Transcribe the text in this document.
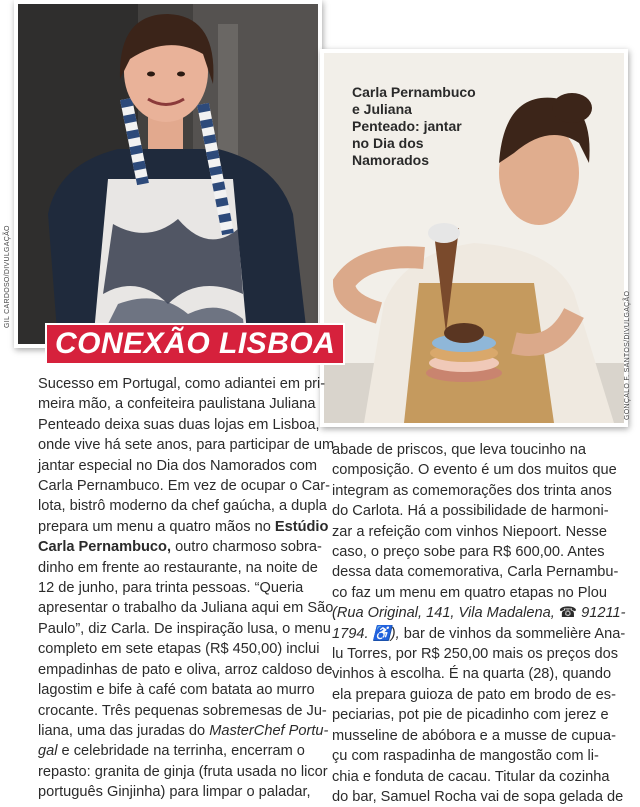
GIL CARDOSO/DIVULGAÇÃO
Carla Pernambuco e Juliana Penteado: jantar no Dia dos Namorados
GONÇALO F. SANTOS/DIVULGAÇÃO
CONEXÃO LISBOA
Sucesso em Portugal, como adiantei em pri-
meira mão, a confeiteira paulistana Juliana
Penteado deixa suas duas lojas em Lisboa,
onde vive há sete anos, para participar de um
jantar especial no Dia dos Namorados com
Carla Pernambuco. Em vez de ocupar o Car-
lota, bistrô moderno da chef gaúcha, a dupla
prepara um menu a quatro mãos no Estúdio
Carla Pernambuco, outro charmoso sobra-
dinho em frente ao restaurante, na noite de
12 de junho, para trinta pessoas. “Queria
apresentar o trabalho da Juliana aqui em São
Paulo”, diz Carla. De inspiração lusa, o menu
completo em sete etapas (R$ 450,00) inclui
empadinhas de pato e oliva, arroz caldoso de
lagostim e bife à café com batata ao murro
crocante. Três pequenas sobremesas de Ju-
liana, uma das juradas do MasterChef Portu-
gal e celebridade na terrinha, encerram o
repasto: granita de ginja (fruta usada no licor
português Ginjinha) para limpar o paladar,
abade de priscos, que leva toucinho na
composição. O evento é um dos muitos que
integram as comemorações dos trinta anos
do Carlota. Há a possibilidade de harmoni-
zar a refeição com vinhos Niepoort. Nesse
caso, o preço sobe para R$ 600,00. Antes
dessa data comemorativa, Carla Pernambu-
co faz um menu em quatro etapas no Plou
(Rua Original, 141, Vila Madalena, ☎ 91211-
1794. ♿), bar de vinhos da sommelière Ana-
lu Torres, por R$ 250,00 mais os preços dos
vinhos à escolha. É na quarta (28), quando
ela prepara guioza de pato em brodo de es-
peciarias, pot pie de picadinho com jerez e
musseline de abóbora e a musse de cupua-
çu com raspadinha de mangostão com li-
chia e fonduta de cacau. Titular da cozinha
do bar, Samuel Rocha vai de sopa gelada de
